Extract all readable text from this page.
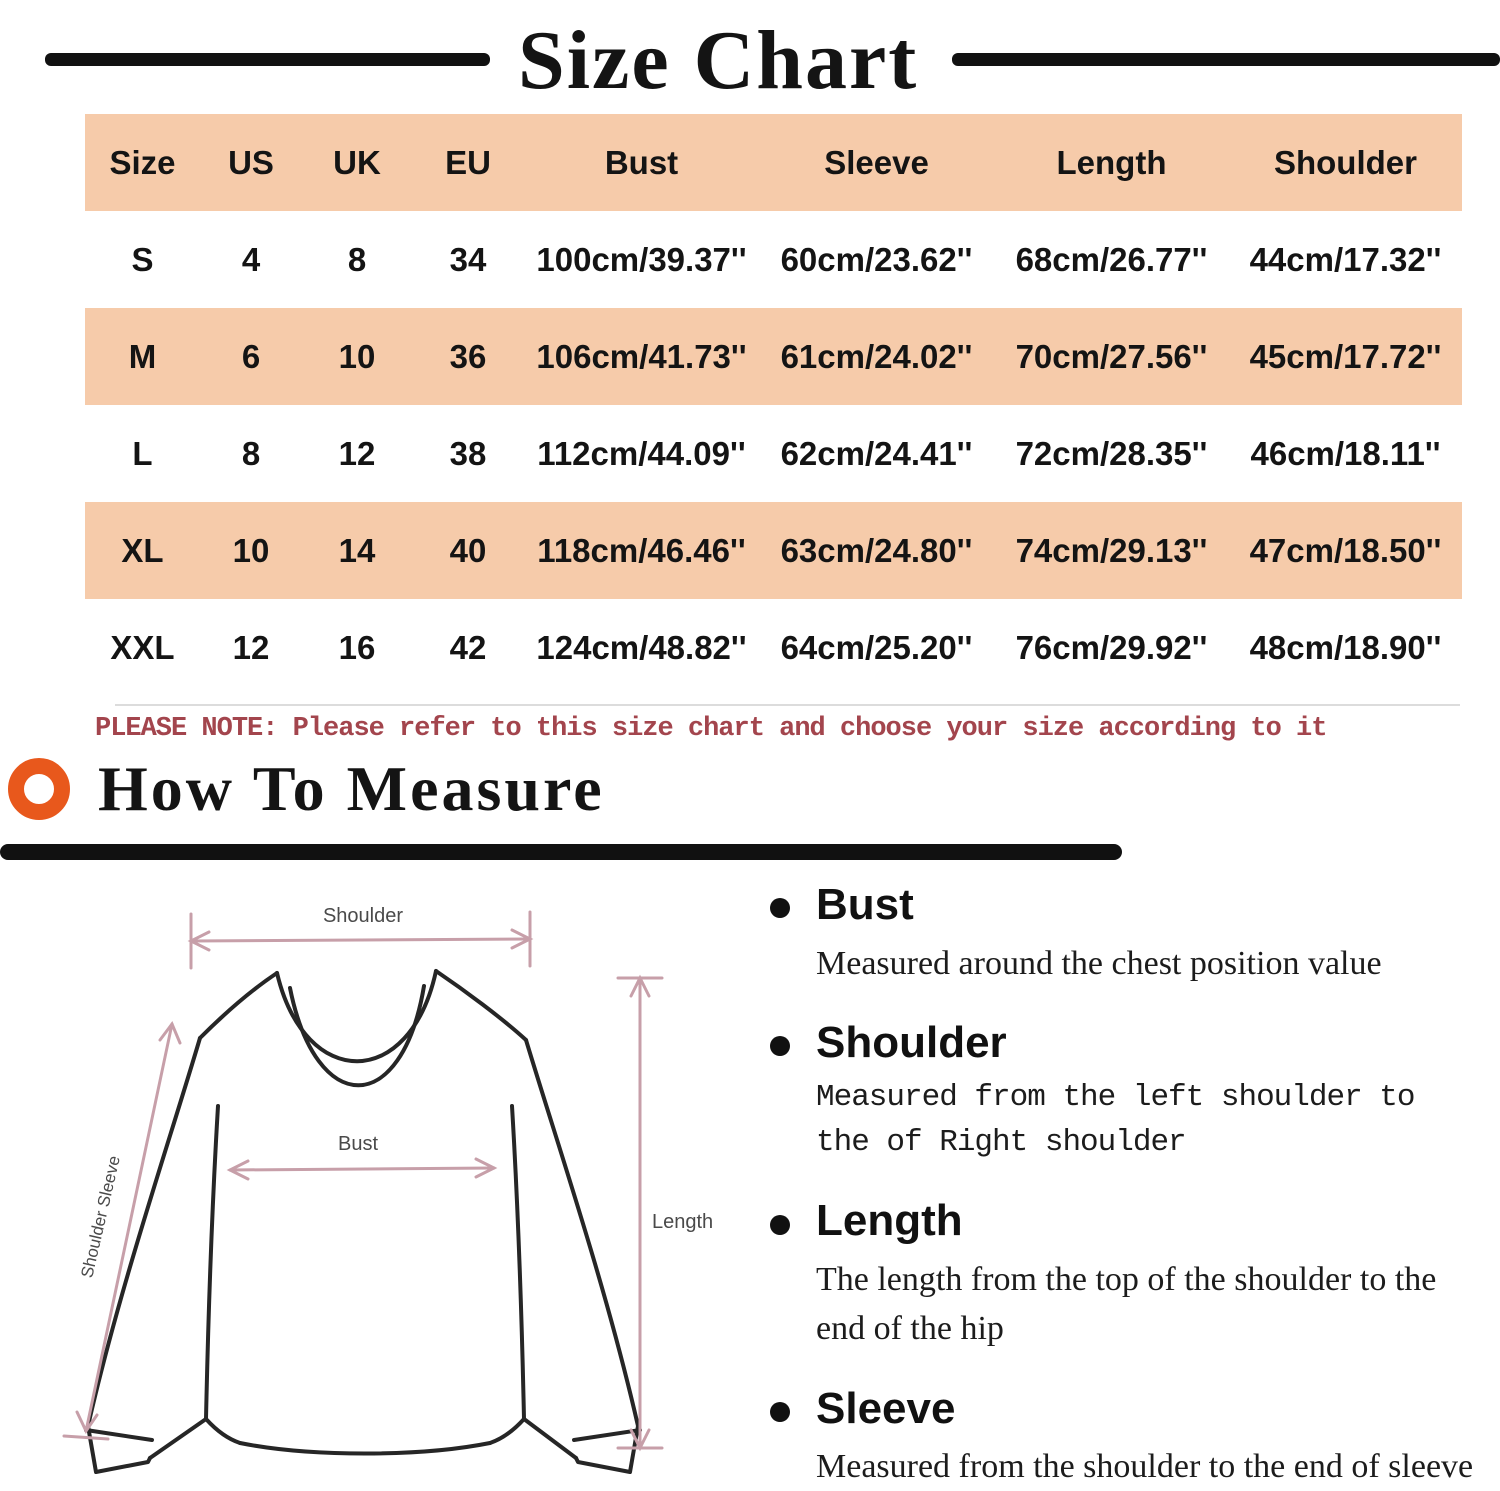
Size Chart
Size	US	UK	EU	Bust	Sleeve	Length	Shoulder
S	4	8	34	100cm/39.37''	60cm/23.62''	68cm/26.77''	44cm/17.32''
M	6	10	36	106cm/41.73''	61cm/24.02''	70cm/27.56''	45cm/17.72''
L	8	12	38	112cm/44.09''	62cm/24.41''	72cm/28.35''	46cm/18.11''
XL	10	14	40	118cm/46.46''	63cm/24.80''	74cm/29.13''	47cm/18.50''
XXL	12	16	42	124cm/48.82''	64cm/25.20''	76cm/29.92''	48cm/18.90''
PLEASE NOTE: Please refer to this size chart and choose your size according to it
How To Measure
Shoulder
Bust
Length
Shoulder Sleeve
Bust
Measured around the chest position value
Shoulder
Measured from the left shoulder to the of Right shoulder
Length
The length from the top of the shoulder to the end of the hip
Sleeve
Measured from the shoulder to the end of sleeve
